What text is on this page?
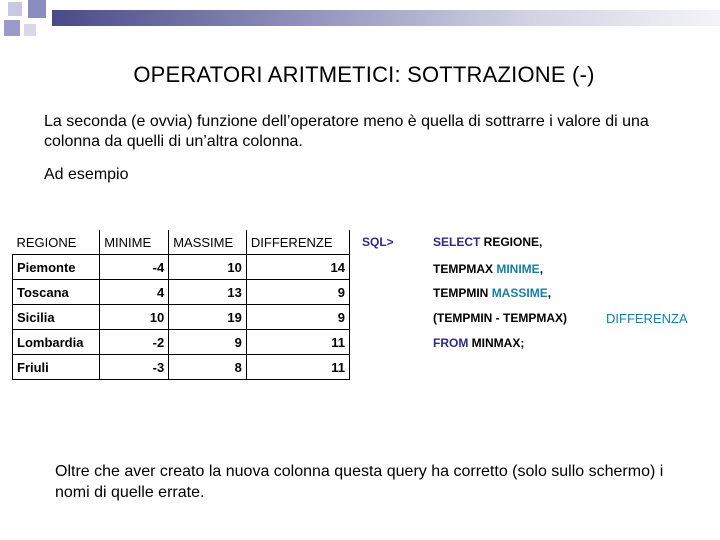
OPERATORI ARITMETICI: SOTTRAZIONE (-)
La seconda (e ovvia) funzione dell’operatore meno è quella di sottrarre i valore di una colonna da quelli di un’altra colonna.
Ad esempio
REGIONE	MINIME	MASSIME	DIFFERENZE
Piemonte	-4	10	14
Toscana	4	13	9
Sicilia	10	19	9
Lombardia	-2	9	11
Friuli	-3	8	11
SQL>	SELECT REGIONE,
TEMPMAX MINIME,
TEMPMIN MASSIME,
(TEMPMIN - TEMPMAX)	DIFFERENZA
FROM MINMAX;
Oltre che aver creato la nuova colonna questa query ha corretto (solo sullo schermo) i nomi di quelle errate.
